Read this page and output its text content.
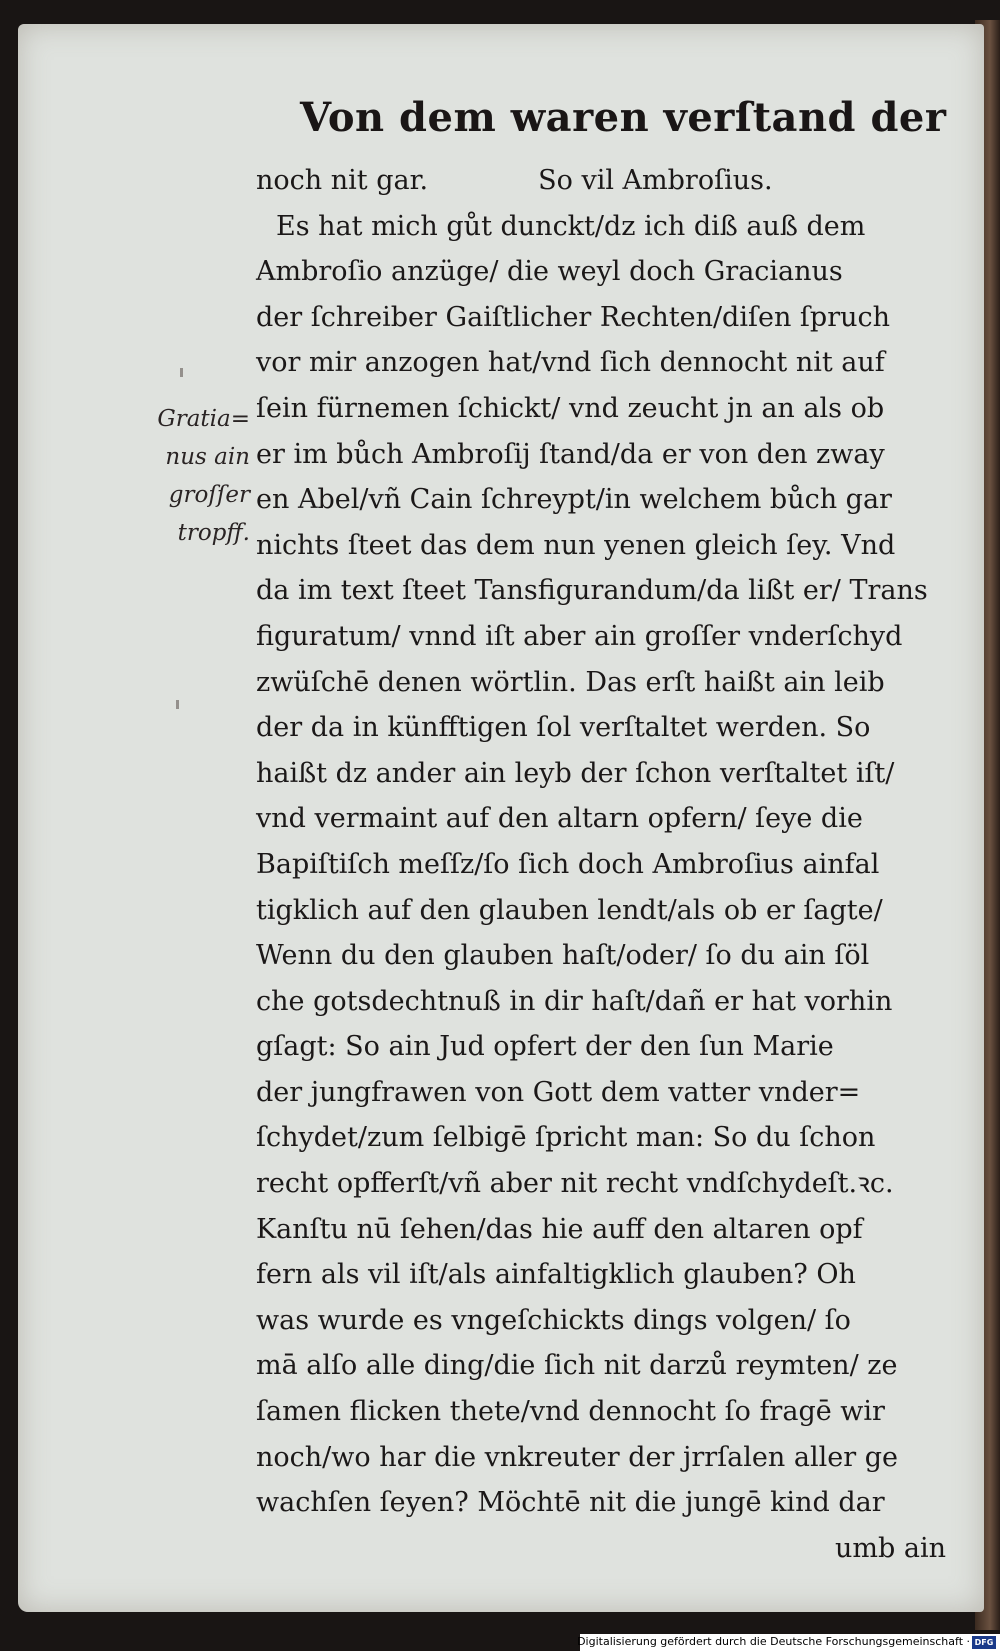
Von dem waren verſtand der
Gratia=
nus ain
groſſer
tropff.
noch nit gar.	So vil Ambroſius.
Es hat mich gůt dunckt/dz ich diß auß dem
Ambroſio anzüge/ die weyl doch Gracianus
der ſchreiber Gaiſtlicher Rechten/diſen ſpruch
vor mir anzogen hat/vnd ſich dennocht nit auf
ſein fürnemen ſchickt/ vnd zeucht jn an als ob
er im bůch Ambroſij ſtand/da er von den zway
en Abel/vñ Cain ſchreypt/in welchem bůch gar
nichts ſteet das dem nun yenen gleich ſey. Vnd
da im text ſteet Tansfigurandum/da lißt er/ Trans
figuratum/ vnnd iſt aber ain groſſer vnderſchyd
zwüſchē denen wörtlin. Das erſt haißt ain leib
der da in künfftigen ſol verſtaltet werden. So
haißt dz ander ain leyb der ſchon verſtaltet iſt/
vnd vermaint auf den altarn opfern/ ſeye die
Bapiſtiſch meſſz/ſo ſich doch Ambroſius ainfal
tigklich auf den glauben lendt/als ob er ſagte/
Wenn du den glauben haſt/oder/ ſo du ain ſöl
che gotsdechtnuß in dir haſt/dañ er hat vorhin
gſagt: So ain Jud opfert der den ſun Marie
der jungfrawen von Gott dem vatter vnder=
ſchydet/zum ſelbigē ſpricht man: So du ſchon
recht opfferſt/vñ aber nit recht vndſchydeſt.ꝛc.
Kanſtu nū ſehen/das hie auff den altaren opf
fern als vil iſt/als ainfaltigklich glauben? Oh
was wurde es vngeſchickts dings volgen/ ſo
mā alſo alle ding/die ſich nit darzů reymten/ ze
ſamen flicken thete/vnd dennocht ſo fragē wir
noch/wo har die vnkreuter der jrrſalen aller ge
wachſen ſeyen? Möchtē nit die jungē kind dar
umb ain
Digitalisierung gefördert durch die Deutsche Forschungsgemeinschaft · DFG
